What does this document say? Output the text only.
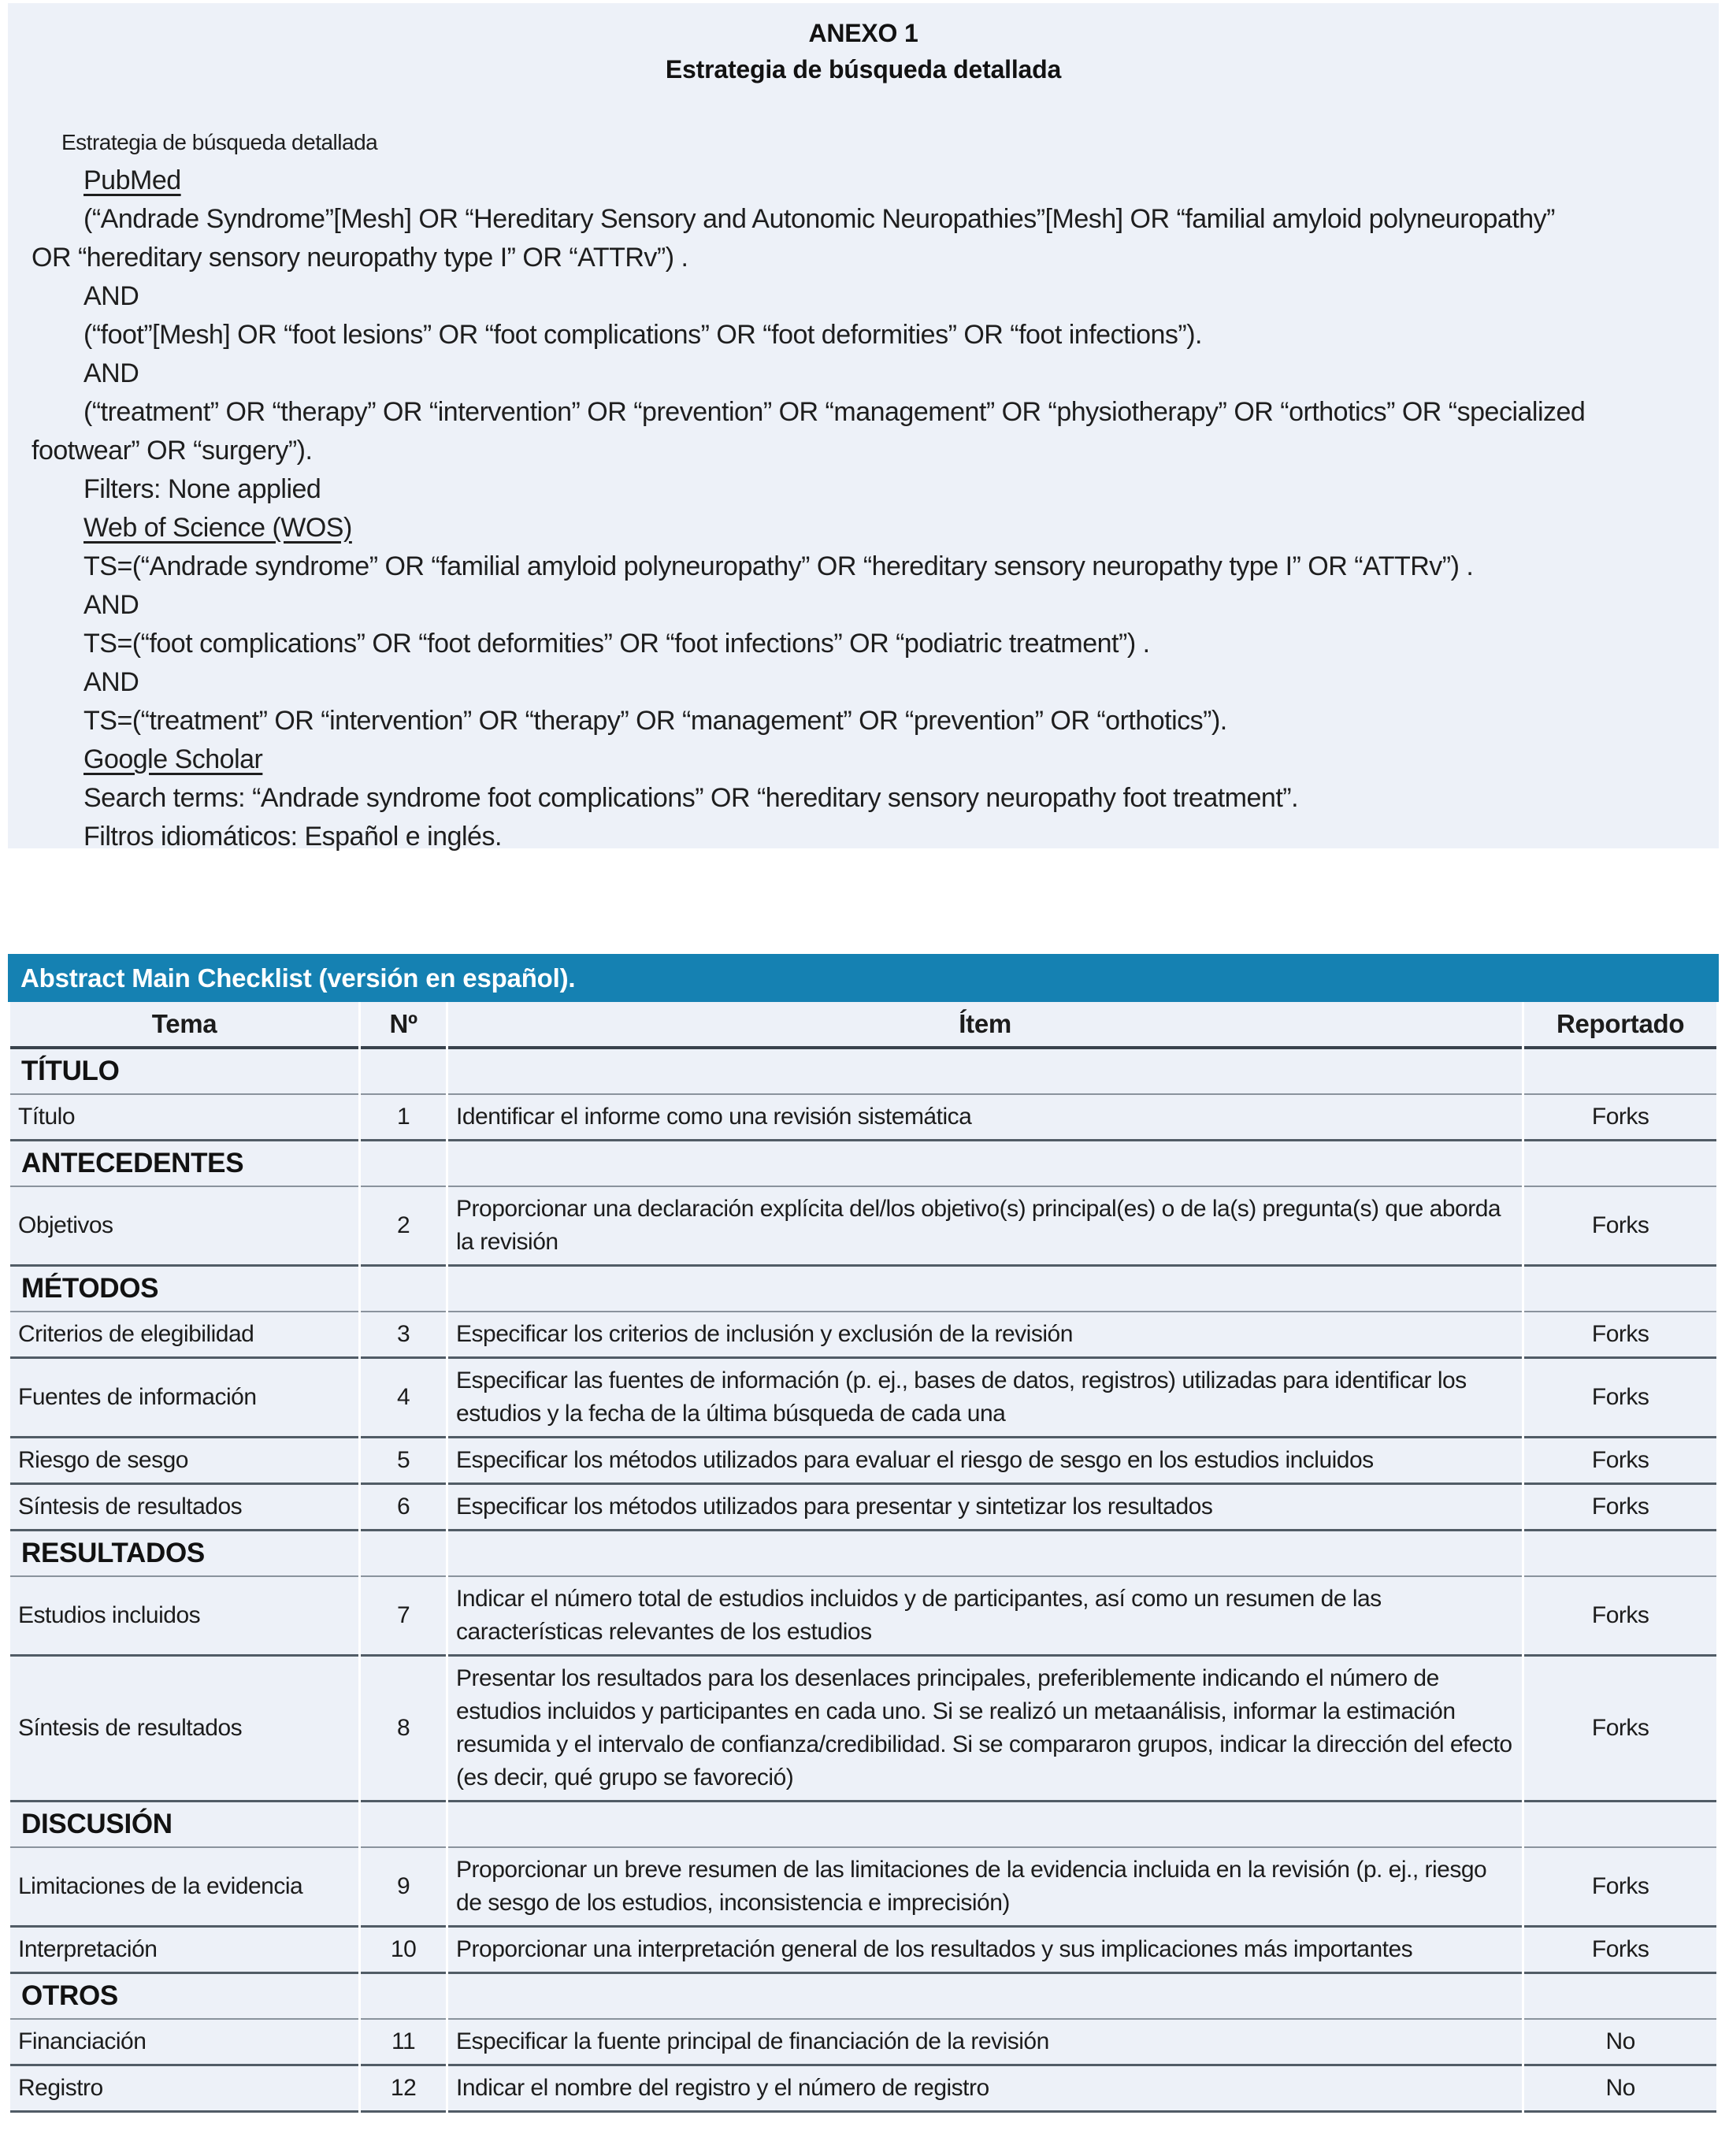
ANEXO 1
Estrategia de búsqueda detallada
Estrategia de búsqueda detallada
PubMed
(“Andrade Syndrome”[Mesh] OR “Hereditary Sensory and Autonomic Neuropathies”[Mesh] OR “familial amyloid polyneuropathy”
OR “hereditary sensory neuropathy type I” OR “ATTRv”) .
AND
(“foot”[Mesh] OR “foot lesions” OR “foot complications” OR “foot deformities” OR “foot infections”).
AND
(“treatment” OR “therapy” OR “intervention” OR “prevention” OR “management” OR “physiotherapy” OR “orthotics” OR “specialized
footwear” OR “surgery”).
Filters: None applied
Web of Science (WOS)
TS=(“Andrade syndrome” OR “familial amyloid polyneuropathy” OR “hereditary sensory neuropathy type I” OR “ATTRv”) .
AND
TS=(“foot complications” OR “foot deformities” OR “foot infections” OR “podiatric treatment”) .
AND
TS=(“treatment” OR “intervention” OR “therapy” OR “management” OR “prevention” OR “orthotics”).
Google Scholar
Search terms: “Andrade syndrome foot complications” OR “hereditary sensory neuropathy foot treatment”.
Filtros idiomáticos: Español e inglés.
Abstract Main Checklist (versión en español).
Tema	Nº	Ítem	Reportado
TÍTULO			
Título	1	Identificar el informe como una revisión sistemática	Forks
ANTECEDENTES			
Objetivos	2	Proporcionar una declaración explícita del/los objetivo(s) principal(es) o de la(s) pregunta(s) que aborda la revisión	Forks
MÉTODOS			
Criterios de elegibilidad	3	Especificar los criterios de inclusión y exclusión de la revisión	Forks
Fuentes de información	4	Especificar las fuentes de información (p. ej., bases de datos, registros) utilizadas para identificar los estudios y la fecha de la última búsqueda de cada una	Forks
Riesgo de sesgo	5	Especificar los métodos utilizados para evaluar el riesgo de sesgo en los estudios incluidos	Forks
Síntesis de resultados	6	Especificar los métodos utilizados para presentar y sintetizar los resultados	Forks
RESULTADOS			
Estudios incluidos	7	Indicar el número total de estudios incluidos y de participantes, así como un resumen de las características relevantes de los estudios	Forks
Síntesis de resultados	8	Presentar los resultados para los desenlaces principales, preferiblemente indicando el número de estudios incluidos y participantes en cada uno. Si se realizó un metaanálisis, informar la estimación resumida y el intervalo de confianza/credibilidad. Si se compararon grupos, indicar la dirección del efecto (es decir, qué grupo se favoreció)	Forks
DISCUSIÓN			
Limitaciones de la evidencia	9	Proporcionar un breve resumen de las limitaciones de la evidencia incluida en la revisión (p. ej., riesgo de sesgo de los estudios, inconsistencia e imprecisión)	Forks
Interpretación	10	Proporcionar una interpretación general de los resultados y sus implicaciones más importantes	Forks
OTROS			
Financiación	11	Especificar la fuente principal de financiación de la revisión	No
Registro	12	Indicar el nombre del registro y el número de registro	No
